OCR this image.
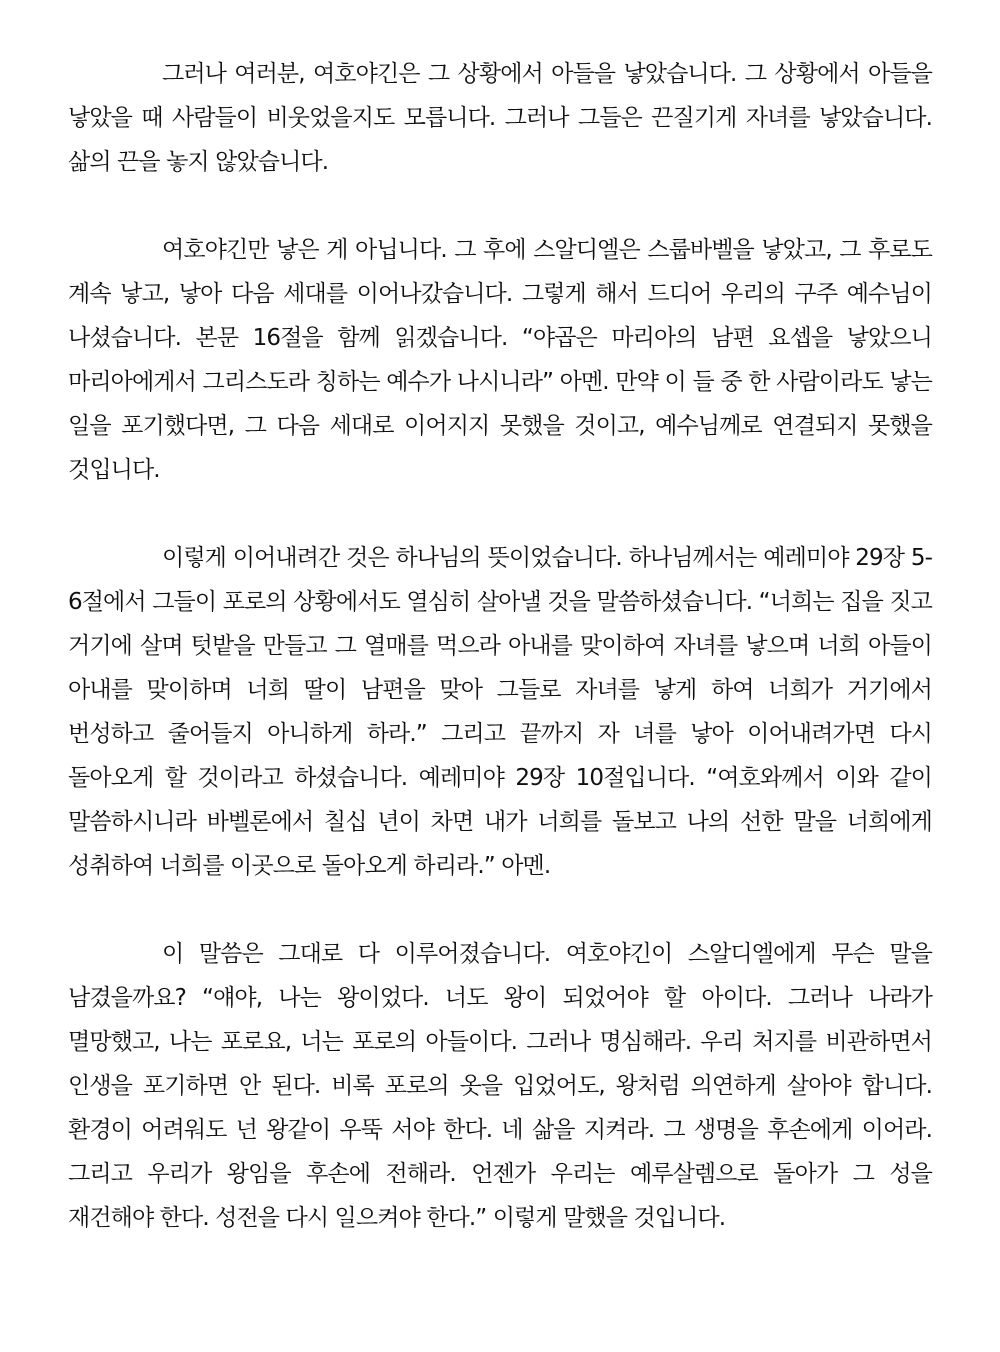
그러나 여러분, 여호야긴은 그 상황에서 아들을 낳았습니다. 그 상황에서 아들을 낳았을 때 사람들이 비웃었을지도 모릅니다. 그러나 그들은 끈질기게 자녀를 낳았습니다. 삶의 끈을 놓지 않았습니다.

여호야긴만 낳은 게 아닙니다. 그 후에 스알디엘은 스룹바벨을 낳았고, 그 후로도 계속 낳고, 낳아 다음 세대를 이어나갔습니다. 그렇게 해서 드디어 우리의 구주 예수님이 나셨습니다. 본문 16절을 함께 읽겠습니다. “야곱은 마리아의 남편 요셉을 낳았으니 마리아에게서 그리스도라 칭하는 예수가 나시니라” 아멘. 만약 이 들 중 한 사람이라도 낳는 일을 포기했다면, 그 다음 세대로 이어지지 못했을 것이고, 예수님께로 연결되지 못했을 것입니다.

이렇게 이어내려간 것은 하나님의 뜻이었습니다. 하나님께서는 예레미야 29장 5-6절에서 그들이 포로의 상황에서도 열심히 살아낼 것을 말씀하셨습니다. “너희는 집을 짓고 거기에 살며 텃밭을 만들고 그 열매를 먹으라 아내를 맞이하여 자녀를 낳으며 너희 아들이 아내를 맞이하며 너희 딸이 남편을 맞아 그들로 자녀를 낳게 하여 너희가 거기에서 번성하고 줄어들지 아니하게 하라.” 그리고 끝까지 자 녀를 낳아 이어내려가면 다시 돌아오게 할 것이라고 하셨습니다. 예레미야 29장 10절입니다. “여호와께서 이와 같이 말씀하시니라 바벨론에서 칠십 년이 차면 내가 너희를 돌보고 나의 선한 말을 너희에게 성취하여 너희를 이곳으로 돌아오게 하리라.” 아멘.

이 말씀은 그대로 다 이루어졌습니다. 여호야긴이 스알디엘에게 무슨 말을 남겼을까요? “얘야, 나는 왕이었다. 너도 왕이 되었어야 할 아이다. 그러나 나라가 멸망했고, 나는 포로요, 너는 포로의 아들이다. 그러나 명심해라. 우리 처지를 비관하면서 인생을 포기하면 안 된다. 비록 포로의 옷을 입었어도, 왕처럼 의연하게 살아야 합니다. 환경이 어려워도 넌 왕같이 우뚝 서야 한다. 네 삶을 지켜라. 그 생명을 후손에게 이어라. 그리고 우리가 왕임을 후손에 전해라. 언젠가 우리는 예루살렘으로 돌아가 그 성을 재건해야 한다. 성전을 다시 일으켜야 한다.” 이렇게 말했을 것입니다.
